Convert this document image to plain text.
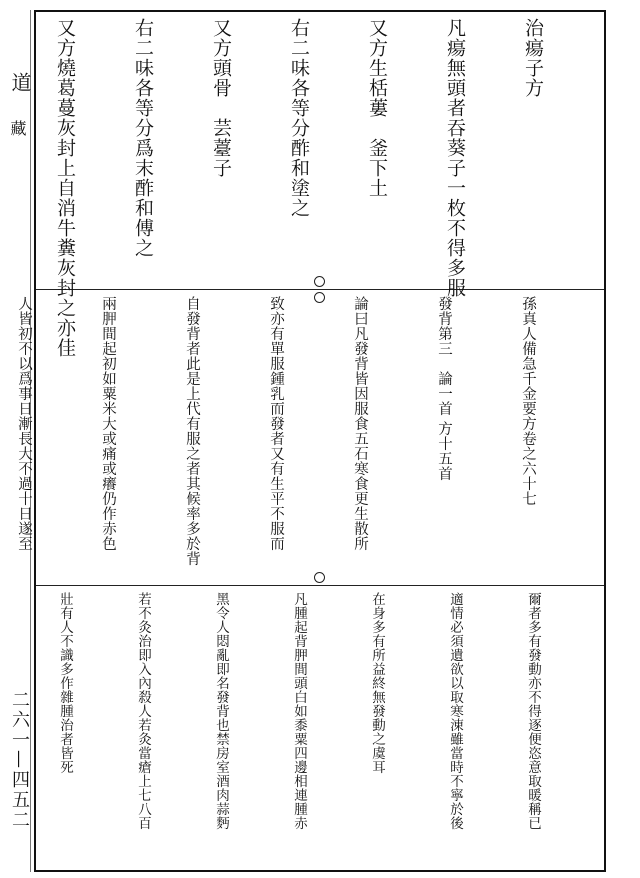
道
藏
二六一—四五二

治瘍子方

凡瘍無頭者吞葵子一枚不得多服

又方生栝蔞　釜下土

右二味各等分酢和塗之

又方頭骨　芸薹子

右二味各等分爲末酢和傅之

又方燒葛蔓灰封上自消牛糞灰封之亦佳

孫真人備急千金要方卷之六十七

發背第三　論一首 方十五首

論曰凡發背皆因服食五石寒食更生散所

致亦有單服鍾乳而發者又有生平不服而

自發背者此是上代有服之者其候率多於背

兩胛間起初如粟米大或痛或癢仍作赤色

人皆初不以爲事日漸長大不過十日遂至

爾者多有發動亦不得逐便恣意取暖稱已

適情必須遺欲以取寒涷雖當時不寧於後

在身多有所益終無發動之虞耳

凡腫起背胛間頭白如黍粟四邊相連腫赤

黑令人悶亂即名發背也禁房室酒肉蒜麪

若不灸治即入內殺人若灸當瘡上七八百

壯有人不識多作雜腫治者皆死
